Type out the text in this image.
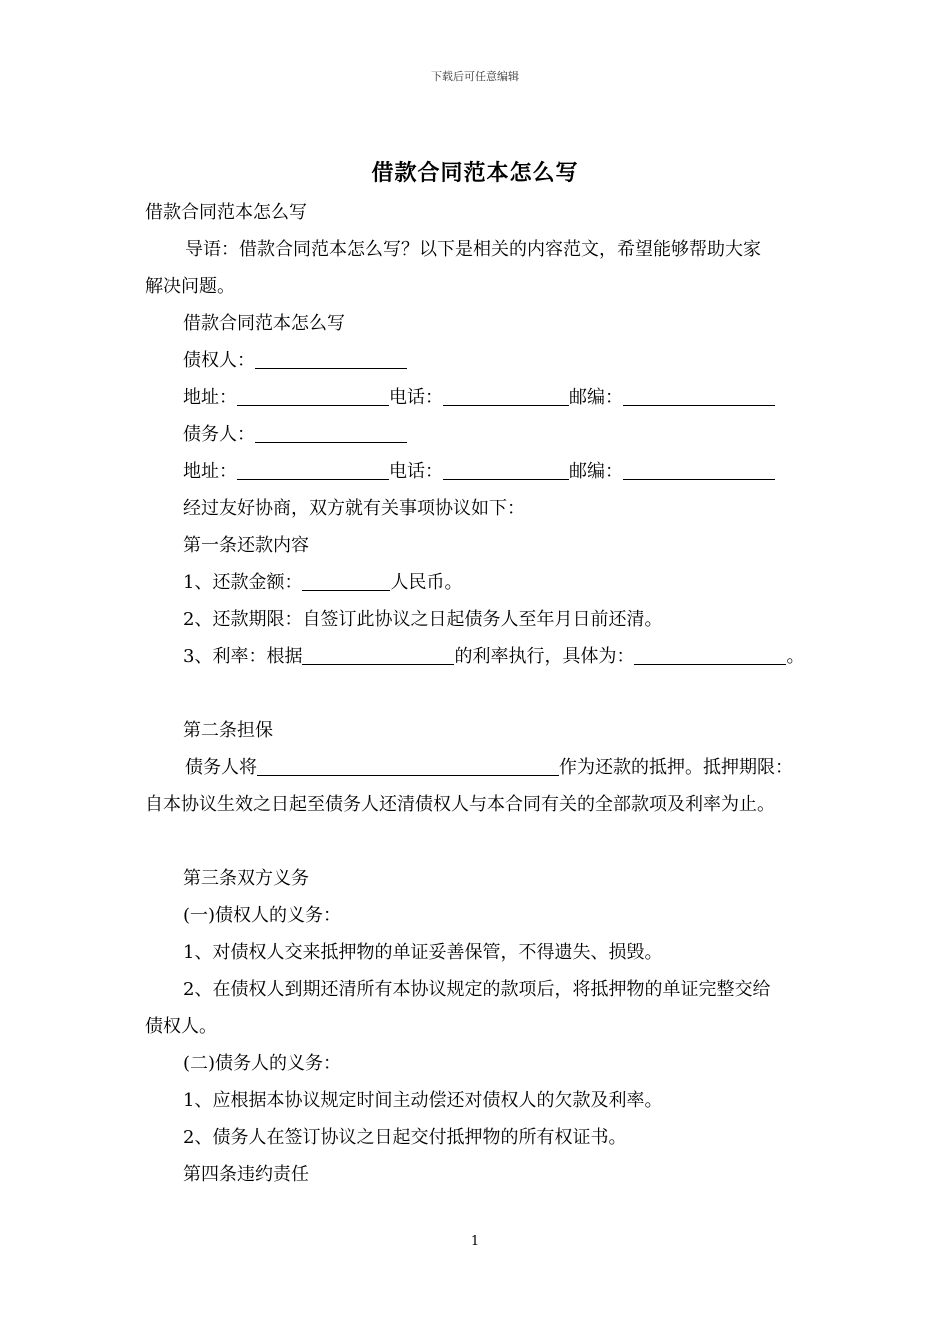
下载后可任意编辑
借款合同范本怎么写
借款合同范本怎么写
导语：借款合同范本怎么写？以下是相关的内容范文，希望能够帮助大家
解决问题。
借款合同范本怎么写
债权人：
地址：	电话：	邮编：
债务人：
地址：	电话：	邮编：
经过友好协商，双方就有关事项协议如下：
第一条还款内容
1、还款金额：	人民币。
2、还款期限：自签订此协议之日起债务人至年月日前还清。
3、利率：根据	的利率执行，具体为：	。
第二条担保
债务人将	作为还款的抵押。抵押期限：
自本协议生效之日起至债务人还清债权人与本合同有关的全部款项及利率为止。
第三条双方义务
(一)债权人的义务：
1、对债权人交来抵押物的单证妥善保管，不得遗失、损毁。
2、在债权人到期还清所有本协议规定的款项后，将抵押物的单证完整交给
债权人。
(二)债务人的义务：
1、应根据本协议规定时间主动偿还对债权人的欠款及利率。
2、债务人在签订协议之日起交付抵押物的所有权证书。
第四条违约责任
1
